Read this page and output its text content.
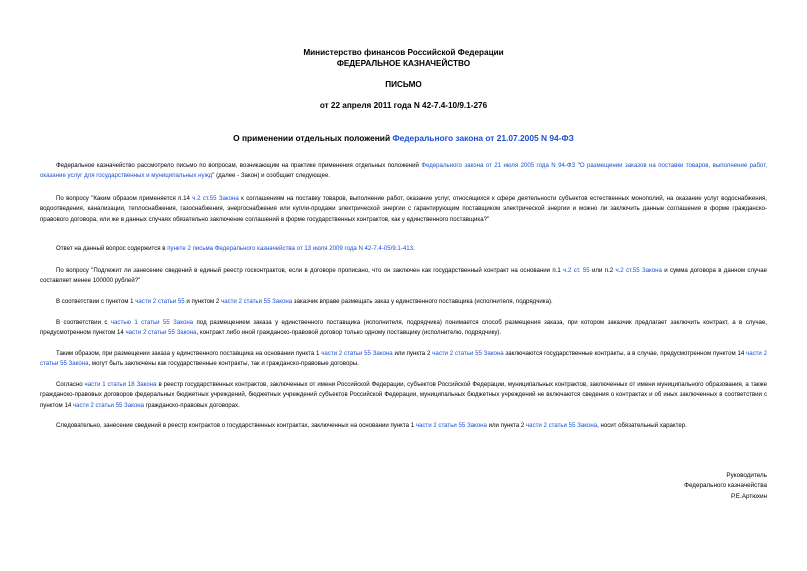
Министерство финансов Российской Федерации
ФЕДЕРАЛЬНОЕ КАЗНАЧЕЙСТВО
ПИСЬМО
от 22 апреля 2011 года N 42-7.4-10/9.1-276
О применении отдельных положений Федерального закона от 21.07.2005 N 94-ФЗ
Федеральное казначейство рассмотрело письмо по вопросам, возникающим на практике применения отдельных положений Федерального закона от 21 июля 2005 года N 94-ФЗ "О размещении заказов на поставки товаров, выполнение работ, оказание услуг для государственных и муниципальных нужд" (далее - Закон) и сообщает следующее.
По вопросу "Каким образом применяется п.14 ч.2 ст.55 Закона к соглашениям на поставку товаров, выполнение работ, оказание услуг, относящихся к сфере деятельности субъектов естественных монополий, на оказание услуг водоснабжения, водоотведения, канализации, теплоснабжения, газоснабжения, энергоснабжения или купли-продажи электрической энергии с гарантирующим поставщиком электрической энергии и можно ли заключить данные соглашения в форме гражданско-правового договора, или же в данных случаях обязательно заключение соглашений в форме государственных контрактов, как у единственного поставщика?"
Ответ на данный вопрос содержится в пункте 2 письма Федерального казначейства от 13 июля 2009 года N 42-7.4-05/9.1-413.
По вопросу "Подлежит ли занесение сведений в единый реестр госконтрактов, если в договоре прописано, что он заключен как государственный контракт на основании п.1 ч.2 ст. 55 или п.2 ч.2 ст.55 Закона и сумма договора в данном случае составляет менее 100000 рублей?"
В соответствии с пунктом 1 части 2 статьи 55 и пунктом 2 части 2 статьи 55 Закона заказчик вправе размещать заказ у единственного поставщика (исполнителя, подрядчика).
В соответствии с частью 1 статьи 55 Закона под размещением заказа у единственного поставщика (исполнителя, подрядчика) понимается способ размещения заказа, при котором заказчик предлагает заключить контракт, а в случае, предусмотренном пунктом 14 части 2 статьи 55 Закона, контракт либо иной гражданско-правовой договор только одному поставщику (исполнителю, подрядчику).
Таким образом, при размещении заказа у единственного поставщика на основании пункта 1 части 2 статьи 55 Закона или пункта 2 части 2 статьи 55 Закона заключаются государственные контракты, а в случае, предусмотренном пунктом 14 части 2 статьи 55 Закона, могут быть заключены как государственные контракты, так и гражданско-правовые договоры.
Согласно части 1 статьи 18 Закона в реестр государственных контрактов, заключенных от имени Российской Федерации, субъектов Российской Федерации, муниципальных контрактов, заключенных от имени муниципального образования, а также гражданско-правовых договоров федеральных бюджетных учреждений, бюджетных учреждений субъектов Российской Федерации, муниципальных бюджетных учреждений не включаются сведения о контрактах и об иных заключенных в соответствии с пунктом 14 части 2 статьи 55 Закона гражданско-правовых договорах.
Следовательно, занесение сведений в реестр контрактов о государственных контрактах, заключенных на основании пункта 1 части 2 статьи 55 Закона или пункта 2 части 2 статьи 55 Закона, носит обязательный характер.
Руководитель
Федерального казначейства
Р.Е.Артюхин
